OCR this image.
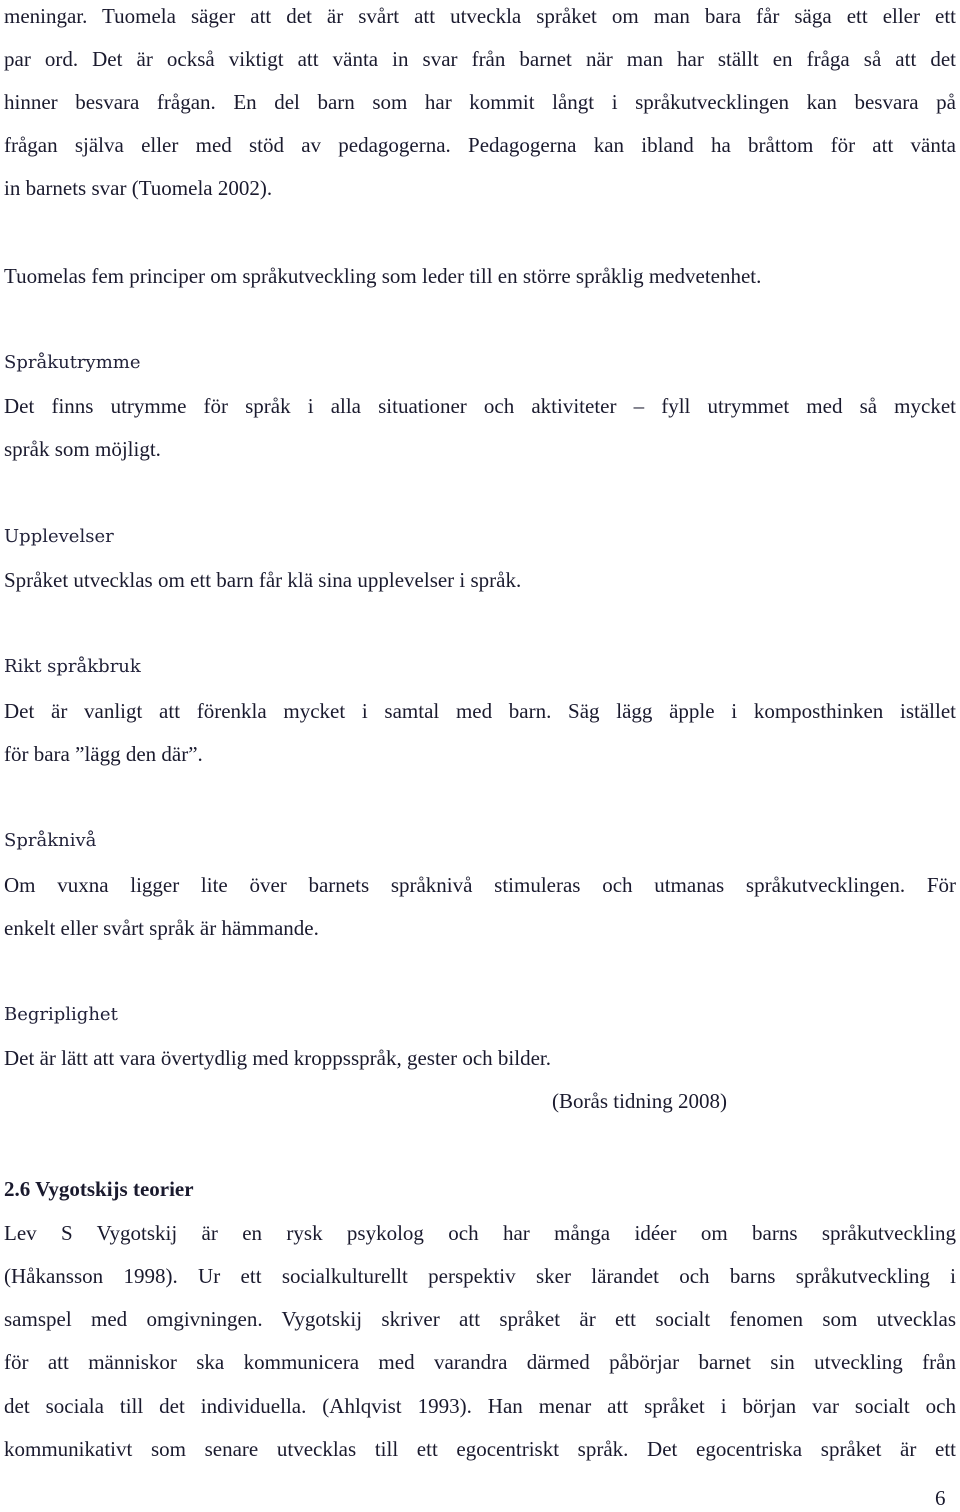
meningar. Tuomela säger att det är svårt att utveckla språket om man bara får säga ett eller ett
par ord. Det är också viktigt att vänta in svar från barnet när man har ställt en fråga så att det
hinner besvara frågan. En del barn som har kommit långt i språkutvecklingen kan besvara på
frågan själva eller med stöd av pedagogerna. Pedagogerna kan ibland ha bråttom för att vänta
in barnets svar (Tuomela 2002).
Tuomelas fem principer om språkutveckling som leder till en större språklig medvetenhet.
Språkutrymme
Det finns utrymme för språk i alla situationer och aktiviteter – fyll utrymmet med så mycket
språk som möjligt.
Upplevelser
Språket utvecklas om ett barn får klä sina upplevelser i språk.
Rikt språkbruk
Det är vanligt att förenkla mycket i samtal med barn. Säg lägg äpple i komposthinken istället
för bara ”lägg den där”.
Språknivå
Om vuxna ligger lite över barnets språknivå stimuleras och utmanas språkutvecklingen. För
enkelt eller svårt språk är hämmande.
Begriplighet
Det är lätt att vara övertydlig med kroppsspråk, gester och bilder.
(Borås tidning 2008)
2.6 Vygotskijs teorier
Lev S Vygotskij är en rysk psykolog och har många idéer om barns språkutveckling
(Håkansson 1998). Ur ett socialkulturellt perspektiv sker lärandet och barns språkutveckling i
samspel med omgivningen. Vygotskij skriver att språket är ett socialt fenomen som utvecklas
för att människor ska kommunicera med varandra därmed påbörjar barnet sin utveckling från
det sociala till det individuella. (Ahlqvist 1993). Han menar att språket i början var socialt och
kommunikativt som senare utvecklas till ett egocentriskt språk. Det egocentriska språket är ett
6
